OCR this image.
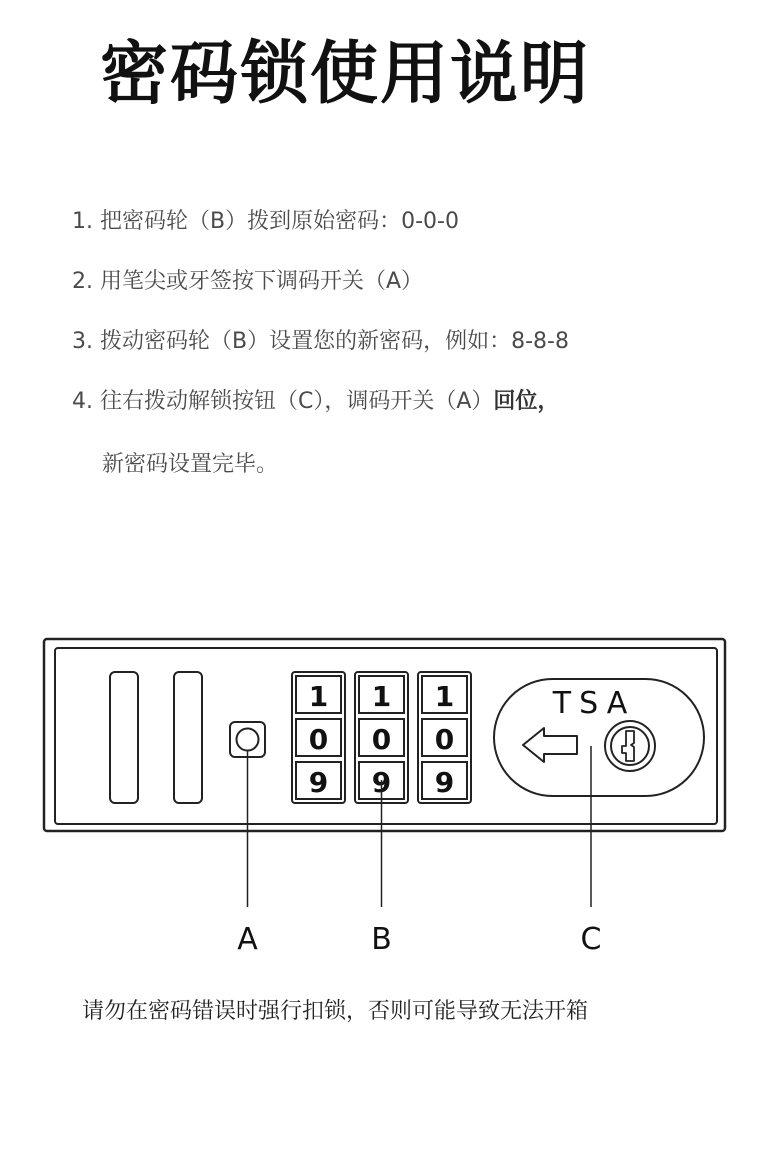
密码锁使用说明
1. 把密码轮（B）拨到原始密码：0-0-0
2. 用笔尖或牙签按下调码开关（A）
3. 拨动密码轮（B）设置您的新密码，例如：8-8-8
4. 往右拨动解锁按钮（C），调码开关（A）回位，
新密码设置完毕。
1
0
9
1
0
9
1
0
9
TSA
A	B	C
请勿在密码错误时强行扣锁，否则可能导致无法开箱
